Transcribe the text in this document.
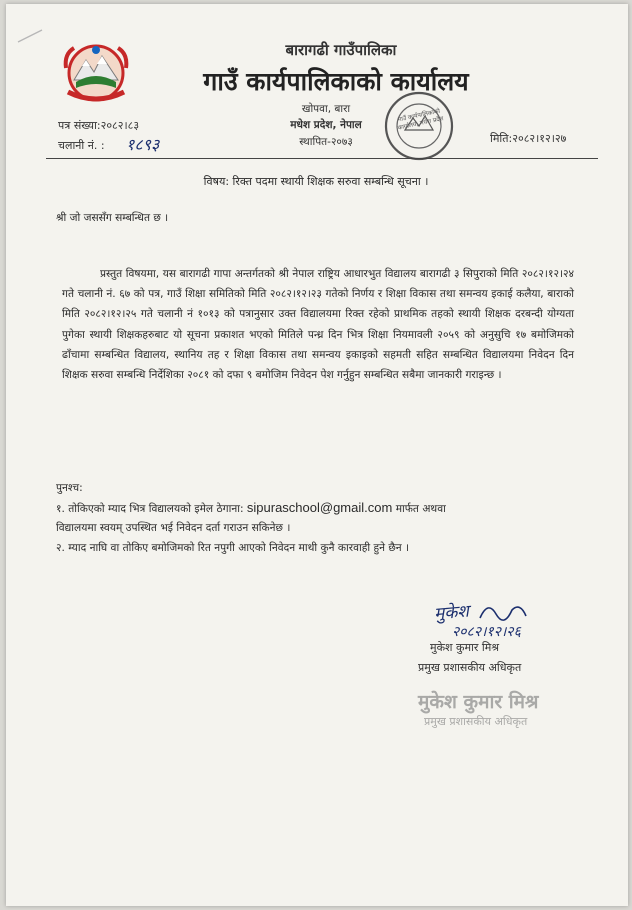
बारागढी गाउँपालिका
गाउँ कार्यपालिकाको कार्यालय
खोपवा, बारा
मधेश प्रदेश, नेपाल
स्थापित-२०७३
गाउँ कार्यपालिकाको कार्यालय, मधेश प्रदेश
पत्र संख्या:२०८२।८३
चलानी नं. : १८९३	मिति:२०८२।१२।२७
विषय: रिक्त पदमा स्थायी शिक्षक सरुवा सम्बन्धि सूचना ।
श्री जो जससँग सम्बन्धित छ ।
प्रस्तुत विषयमा, यस बारागढी गापा अन्तर्गतको श्री नेपाल राष्ट्रिय आधारभुत विद्यालय बारागढी ३ सिपुराको मिति २०८२।१२।२४ गते चलानी नं. ६७ को पत्र, गाउँ शिक्षा समितिको मिति २०८२।१२।२३ गतेको निर्णय र शिक्षा विकास तथा समन्वय इकाई कलैया, बाराको मिति २०८२।१२।२५ गते चलानी नं १०१३ को पत्रानुसार उक्त विद्यालयमा रिक्त रहेको प्राथमिक तहको स्थायी शिक्षक दरबन्दी योग्यता पुगेका स्थायी शिक्षकहरुबाट यो सूचना प्रकाशत भएको मितिले पन्ध्र दिन भित्र शिक्षा नियमावली २०५९ को अनुसुचि १७ बमोजिमको ढाँचामा सम्बन्धित विद्यालय, स्थानिय तह र शिक्षा विकास तथा समन्वय इकाइको सहमती सहित सम्बन्धित विद्यालयमा निवेदन दिन शिक्षक सरुवा सम्बन्धि निर्देशिका २०८१ को दफा ९ बमोजिम निवेदन पेश गर्नुहुन सम्बन्धित सबैमा जानकारी गराइन्छ ।
पुनश्च:
१. तोकिएको म्याद भित्र विद्यालयको इमेल ठेगाना: sipuraschool@gmail.com मार्फत अथवा
विद्यालयमा स्वयम् उपस्थित भई निवेदन दर्ता गराउन सकिनेछ ।
२. म्याद नाघि वा तोकिए बमोजिमको रित नपुगी आएको निवेदन माथी कुनै कारवाही हुने छैन ।
मुकेश
२०८२।१२।२६
मुकेश कुमार मिश्र
प्रमुख प्रशासकीय अधिकृत
मुकेश कुमार मिश्र
प्रमुख प्रशासकीय अधिकृत
